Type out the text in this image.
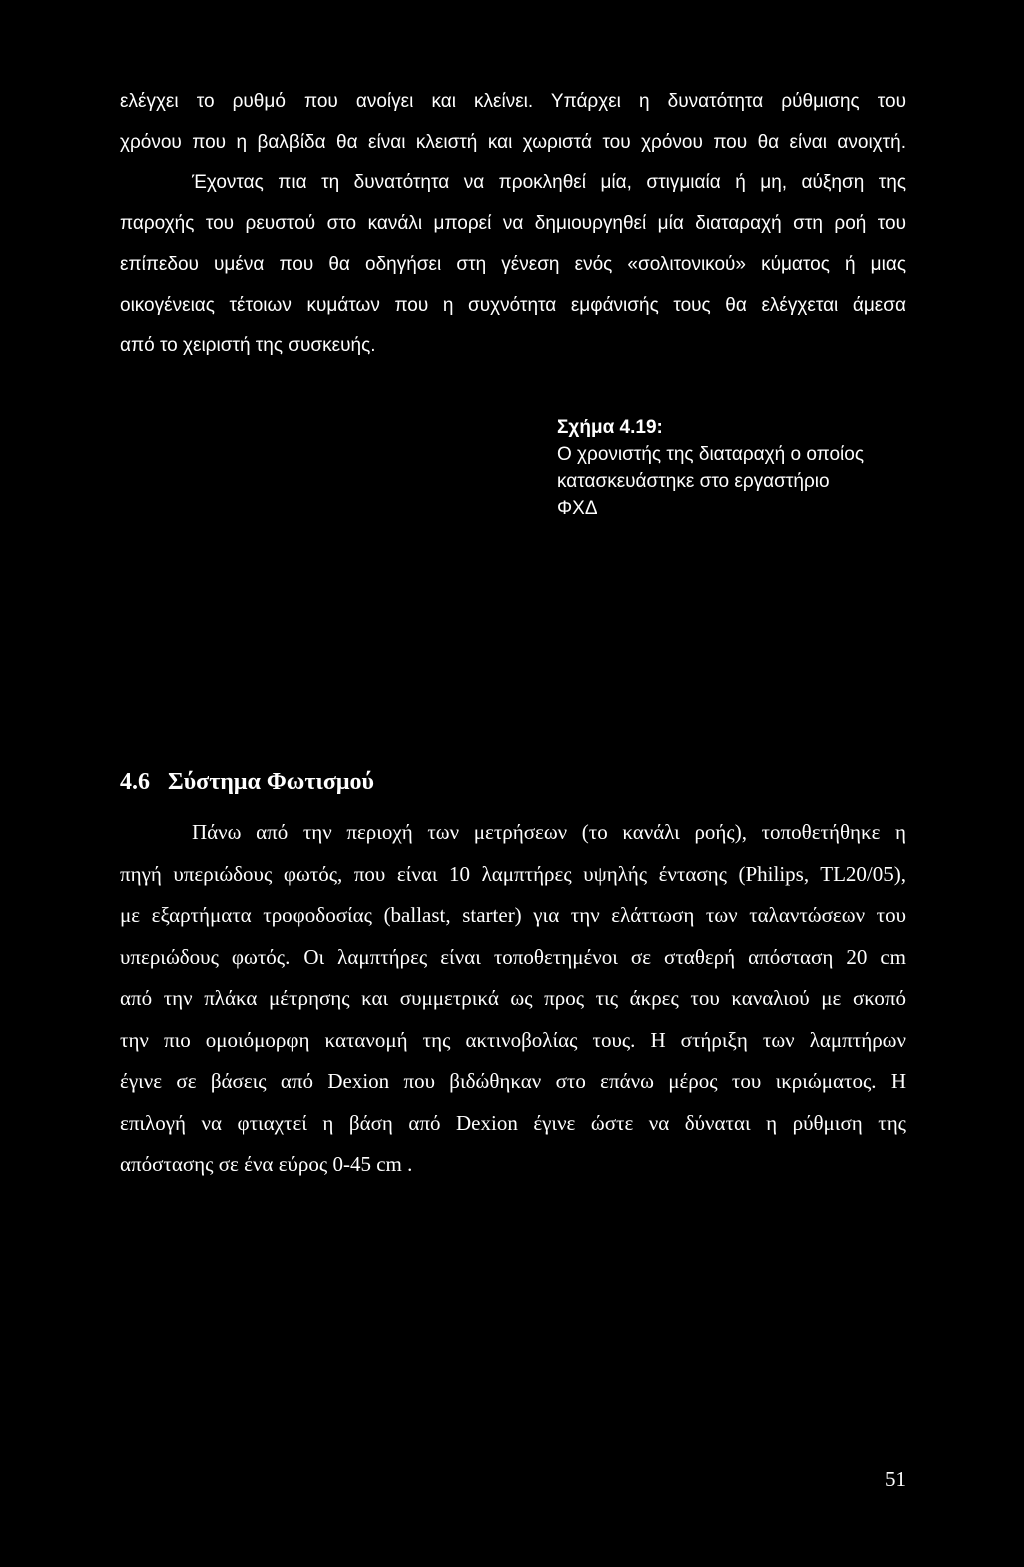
ελέγχει το ρυθμό που ανοίγει και κλείνει. Υπάρχει η δυνατότητα ρύθμισης του
χρόνου που η βαλβίδα θα είναι κλειστή και χωριστά του χρόνου που θα είναι ανοιχτή.
Έχοντας πια τη δυνατότητα να προκληθεί μία, στιγμιαία ή μη, αύξηση της
παροχής του ρευστού στο κανάλι μπορεί να δημιουργηθεί μία διαταραχή στη ροή του
επίπεδου υμένα που θα οδηγήσει στη γένεση ενός «σολιτονικού» κύματος ή μιας
οικογένειας τέτοιων κυμάτων που η συχνότητα εμφάνισής τους θα ελέγχεται άμεσα
από το χειριστή της συσκευής.
Σχήμα 4.19:
Ο χρονιστής της διαταραχή ο οποίος
κατασκευάστηκε στο εργαστήριο
ΦΧΔ
4.6 Σύστημα Φωτισμού
Πάνω από την περιοχή των μετρήσεων (το κανάλι ροής), τοποθετήθηκε η
πηγή υπεριώδους φωτός, που είναι 10 λαμπτήρες υψηλής έντασης (Philips, TL20/05),
με εξαρτήματα τροφοδοσίας (ballast, starter) για την ελάττωση των ταλαντώσεων του
υπεριώδους φωτός. Οι λαμπτήρες είναι τοποθετημένοι σε σταθερή απόσταση 20 cm
από την πλάκα μέτρησης και συμμετρικά ως προς τις άκρες του καναλιού με σκοπό
την πιο ομοιόμορφη κατανομή της ακτινοβολίας τους. Η στήριξη των λαμπτήρων
έγινε σε βάσεις από Dexion που βιδώθηκαν στο επάνω μέρος του ικριώματος. Η
επιλογή να φτιαχτεί η βάση από Dexion έγινε ώστε να δύναται η ρύθμιση της
απόστασης σε ένα εύρος 0-45 cm .
51
